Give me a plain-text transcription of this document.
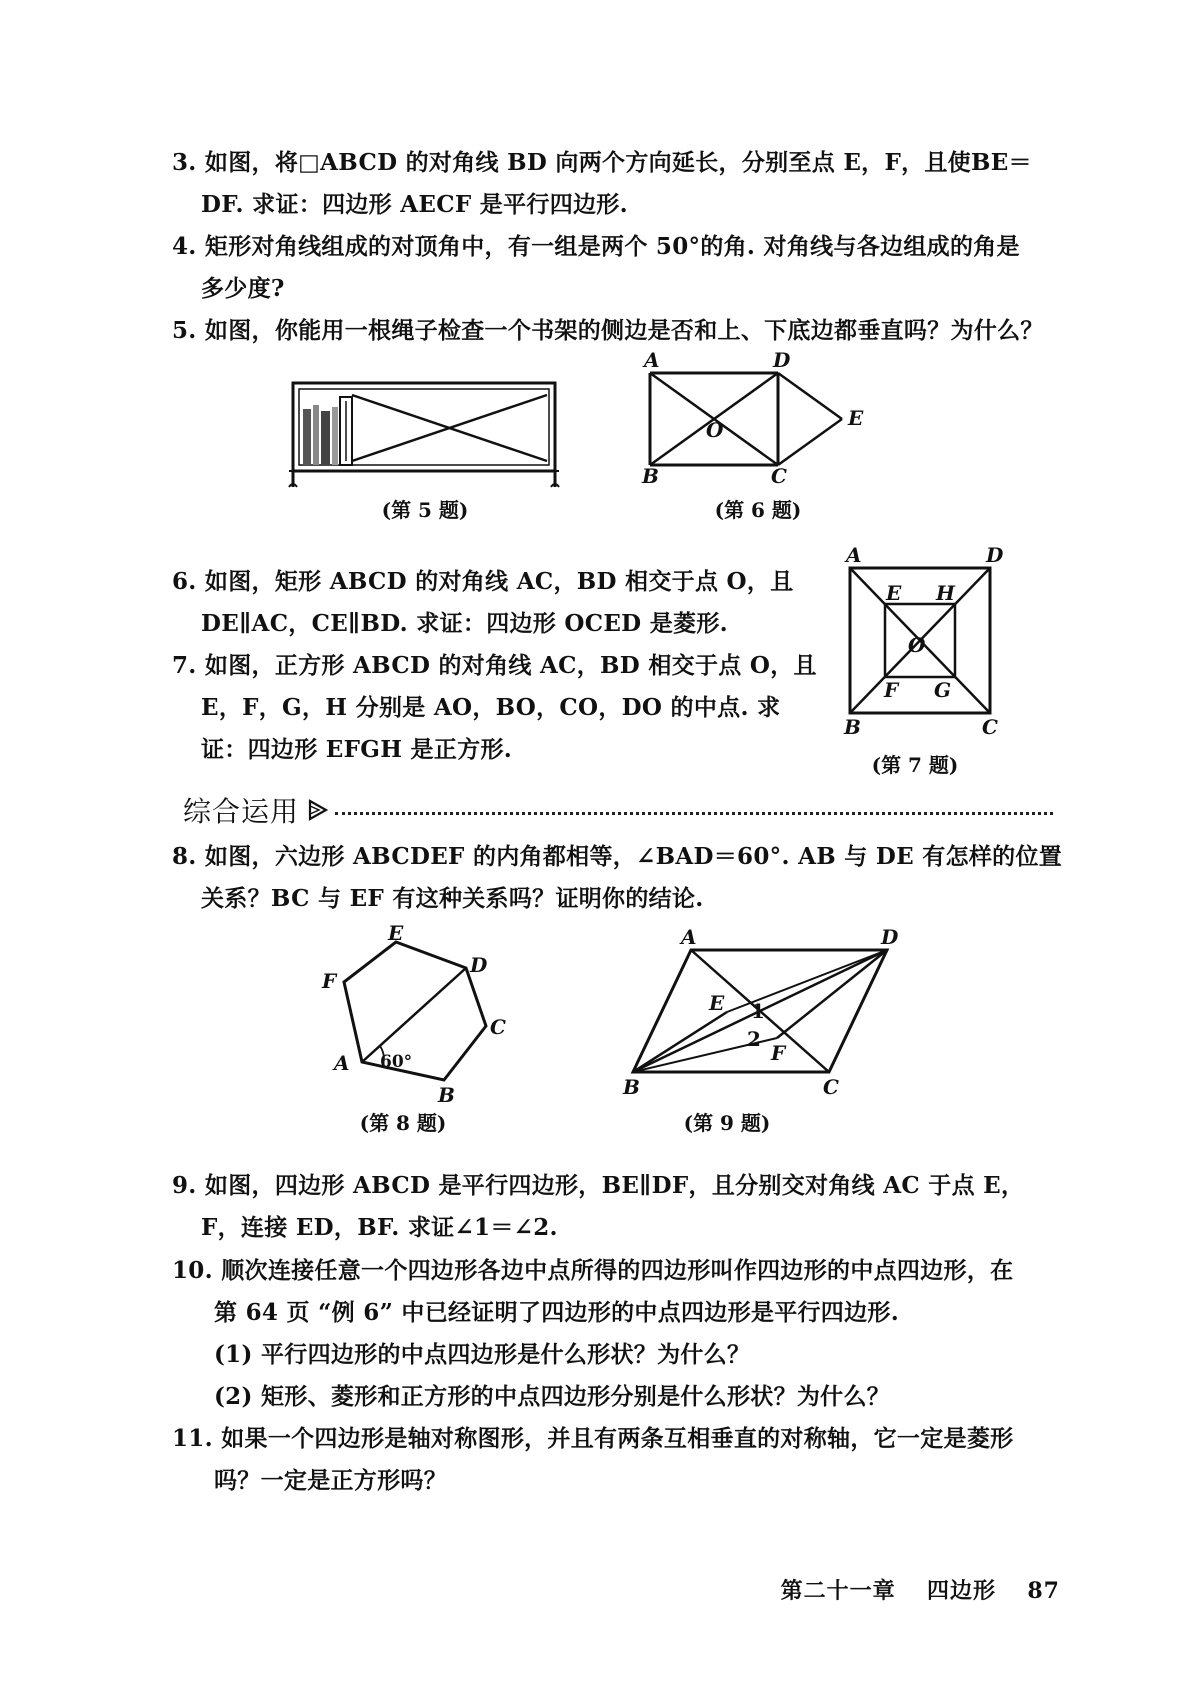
3. 如图，将□ABCD 的对角线 BD 向两个方向延长，分别至点 E，F，且使BE＝

DF. 求证：四边形 AECF 是平行四边形.

4. 矩形对角线组成的对顶角中，有一组是两个 50°的角. 对角线与各边组成的角是

多少度?

5. 如图，你能用一根绳子检查一个书架的侧边是否和上、下底边都垂直吗？为什么？

(第 5 题)

A	D
B	C
O	E

(第 6 题)

6. 如图，矩形 ABCD 的对角线 AC，BD 相交于点 O，且

DE∥AC，CE∥BD. 求证：四边形 OCED 是菱形.

7. 如图，正方形 ABCD 的对角线 AC，BD 相交于点 O，且

E，F，G，H 分别是 AO，BO，CO，DO 的中点. 求

证：四边形 EFGH 是正方形.

A	D
B	C
E H
O
F G

(第 7 题)

综合运用

8. 如图，六边形 ABCDEF 的内角都相等，∠BAD＝60°. AB 与 DE 有怎样的位置

关系？BC 与 EF 有这种关系吗？证明你的结论.

E
D
F
C
A
B
60°

(第 8 题)

A	D
E 1
2
F
B	C

(第 9 题)

9. 如图，四边形 ABCD 是平行四边形，BE∥DF，且分别交对角线 AC 于点 E，

F，连接 ED，BF. 求证∠1＝∠2.

10. 顺次连接任意一个四边形各边中点所得的四边形叫作四边形的中点四边形，在

第 64 页 “例 6” 中已经证明了四边形的中点四边形是平行四边形.

(1) 平行四边形的中点四边形是什么形状？为什么？

(2) 矩形、菱形和正方形的中点四边形分别是什么形状？为什么？

11. 如果一个四边形是轴对称图形，并且有两条互相垂直的对称轴，它一定是菱形

吗？一定是正方形吗？

第二十一章 四边形 87
